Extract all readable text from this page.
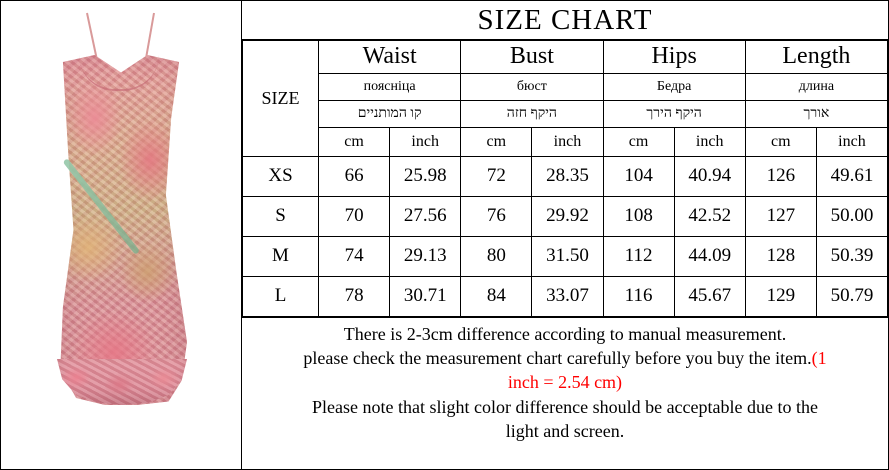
SIZE CHART
SIZE	Waist		Bust		Hips		Length	
	пояснiца		бюст		Бедра		длина	
	קו המותניים		היקף חזה		היקף הירך		אורך	
	cm	inch	cm	inch	cm	inch	cm	inch
XS	66	25.98	72	28.35	104	40.94	126	49.61
S	70	27.56	76	29.92	108	42.52	127	50.00
M	74	29.13	80	31.50	112	44.09	128	50.39
L	78	30.71	84	33.07	116	45.67	129	50.79
There is 2-3cm difference according to manual measurement.
please check the measurement chart carefully before you buy the item.(1
inch = 2.54 cm)
Please note that slight color difference should be acceptable due to the
light and screen.
